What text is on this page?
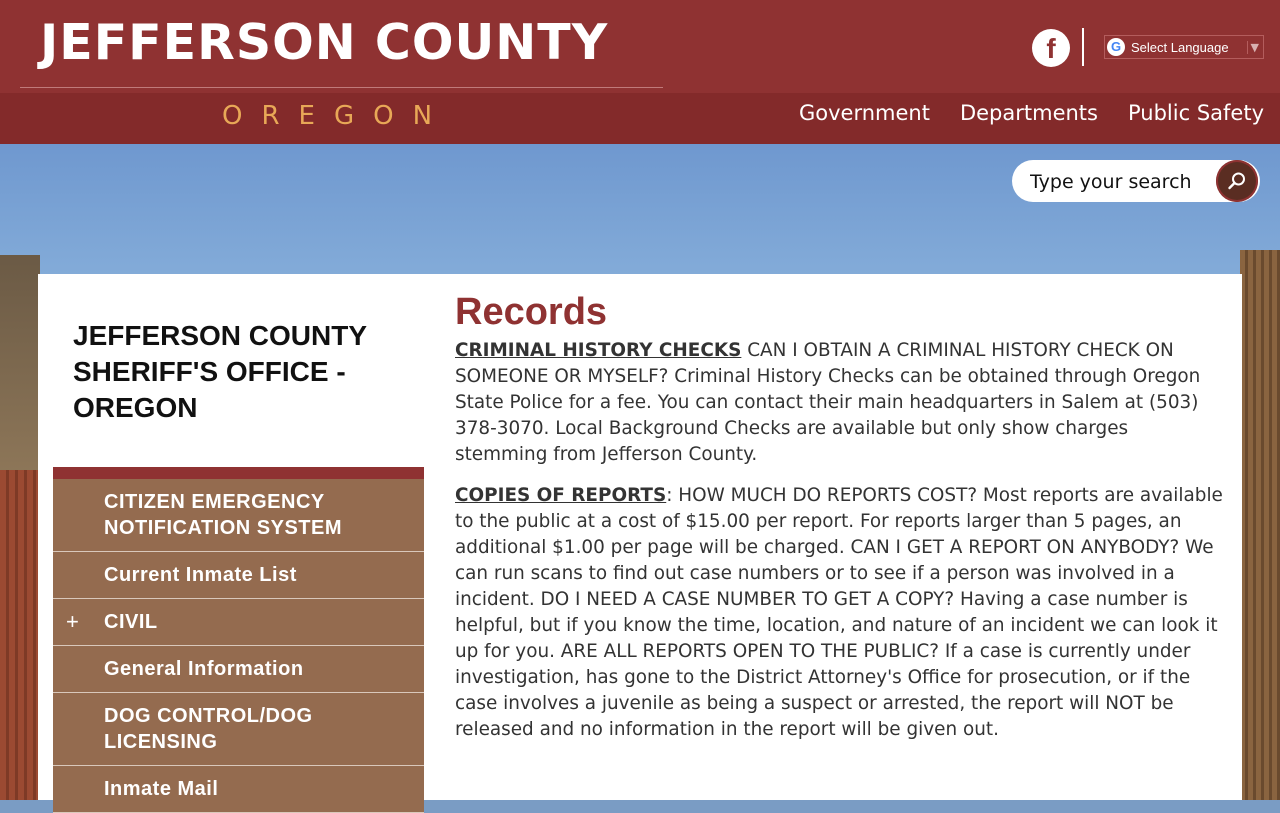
JEFFERSON COUNTY
OREGON
f	G Select Language	▼
Government Departments Public Safety
Type your search
JEFFERSON COUNTY SHERIFF'S OFFICE - OREGON
CITIZEN EMERGENCY NOTIFICATION SYSTEM
Current Inmate List
+ CIVIL
General Information
DOG CONTROL/DOG LICENSING
Inmate Mail
Records

CRIMINAL HISTORY CHECKS CAN I OBTAIN A CRIMINAL HISTORY CHECK ON SOMEONE OR MYSELF? Criminal History Checks can be obtained through Oregon State Police for a fee. You can contact their main headquarters in Salem at (503) 378-3070. Local Background Checks are available but only show charges stemming from Jefferson County.

COPIES OF REPORTS: HOW MUCH DO REPORTS COST? Most reports are available to the public at a cost of $15.00 per report. For reports larger than 5 pages, an additional $1.00 per page will be charged. CAN I GET A REPORT ON ANYBODY? We can run scans to find out case numbers or to see if a person was involved in a incident. DO I NEED A CASE NUMBER TO GET A COPY? Having a case number is helpful, but if you know the time, location, and nature of an incident we can look it up for you. ARE ALL REPORTS OPEN TO THE PUBLIC? If a case is currently under investigation, has gone to the District Attorney's Office for prosecution, or if the case involves a juvenile as being a suspect or arrested, the report will NOT be released and no information in the report will be given out.
